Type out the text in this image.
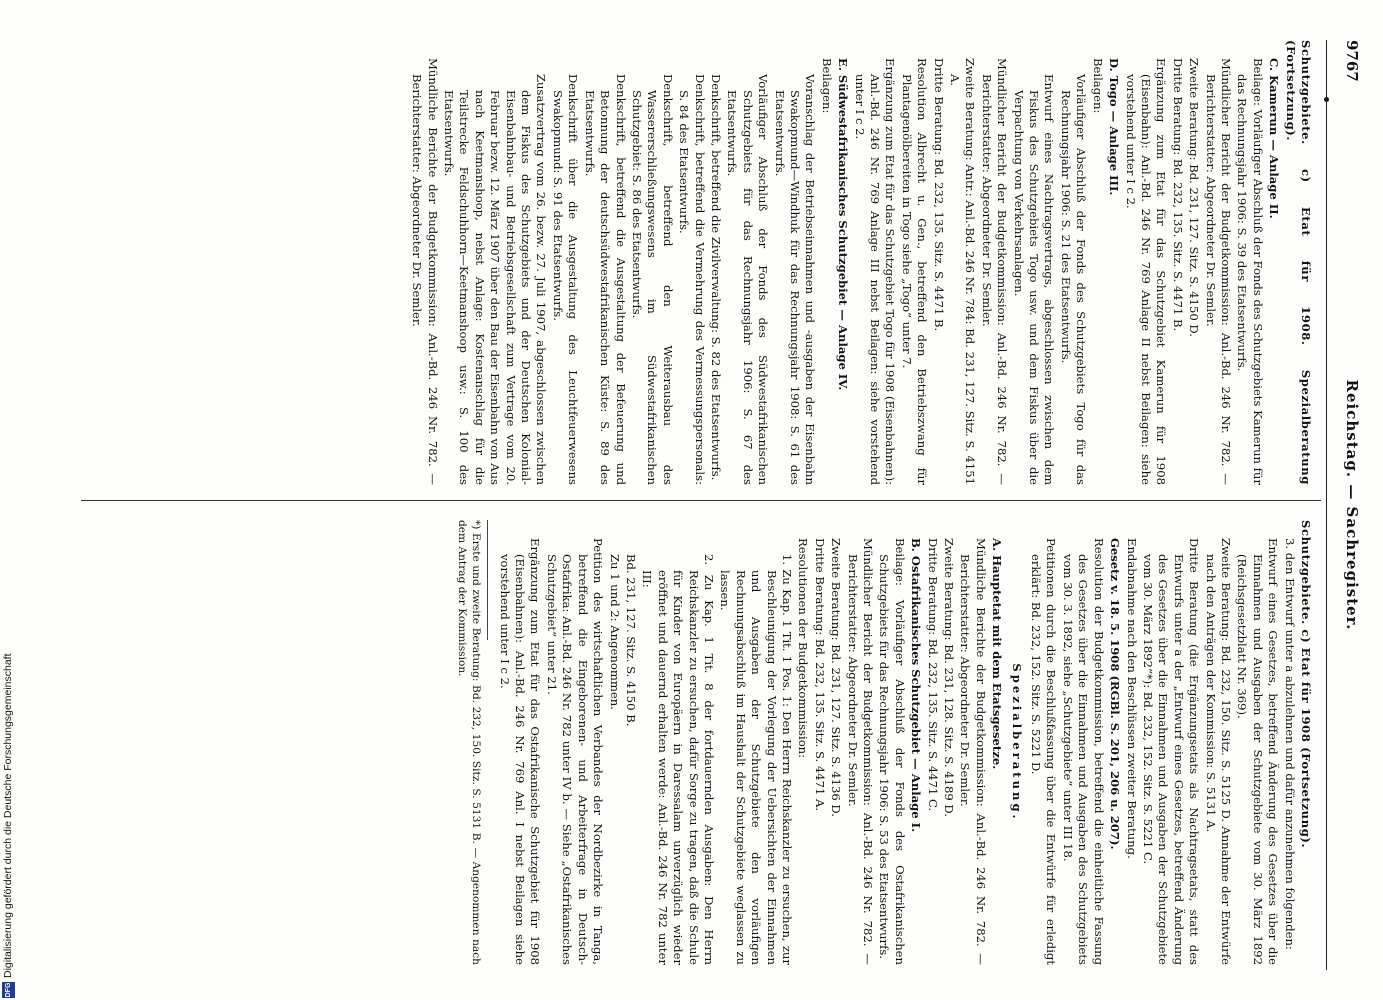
9767
Reichstag. — Sachregister.

Schutzgebiete. c) Etat für 1908. Spezialberatung (Fortsetzung).

C. Kamerun — Anlage II.

Beilage: Vorläufiger Abschluß der Fonds des Schutzgebiets Kamerun für das Rechnungsjahr 1906: S. 39 des Etatsentwurfs.

Mündlicher Bericht der Budgetkommission: Anl.-Bd. 246 Nr. 782. — Berichterstatter: Abgeordneter Dr. Semler.

Zweite Beratung: Bd. 231, 127. Sitz. S. 4150 D.

Dritte Beratung: Bd. 232, 135. Sitz. S. 4471 B.

Ergänzung zum Etat für das Schutzgebiet Kamerun für 1908 (Eisenbahn): Anl.-Bd. 246 Nr. 769 Anlage II nebst Beilagen: siehe vorstehend unter I c 2.

D. Togo — Anlage III.

Beilagen:

Vorläufiger Abschluß der Fonds des Schutzgebiets Togo für das Rechnungsjahr 1906: S. 21 des Etatsentwurfs.

Entwurf eines Nachtragsvertrags, abgeschlossen zwischen dem Fiskus des Schutzgebiets Togo usw. und dem Fiskus über die Verpachtung von Verkehrsanlagen.

Mündlicher Bericht der Budgetkommission: Anl.-Bd. 246 Nr. 782. — Berichterstatter: Abgeordneter Dr. Semler.

Zweite Beratung: Antr.: Anl.-Bd. 246 Nr. 784: Bd. 231, 127. Sitz. S. 4151 A.

Dritte Beratung: Bd. 232, 135. Sitz. S. 4471 B.

Resolution Albrecht u. Gen., betreffend den Betriebszwang für Plantagenölbereiten in Togo siehe „Togo“ unter 7.

Ergänzung zum Etat für das Schutzgebiet Togo für 1908 (Eisenbahnen): Anl.-Bd. 246 Nr. 769 Anlage III nebst Beilagen: siehe vorstehend unter I c 2.

E. Südwestafrikanisches Schutzgebiet — Anlage IV.

Beilagen:

Voranschlag der Betriebseinnahmen und -ausgaben der Eisenbahn Swakopmund—Windhuk für das Rechnungsjahr 1908: S. 61 des Etatsentwurfs.

Vorläufiger Abschluß der Fonds des Südwestafrikanischen Schutzgebiets für das Rechnungsjahr 1906: S. 67 des Etatsentwurfs.

Denkschrift, betreffend die Zivilverwaltung: S. 82 des Etatsentwurfs.

Denkschrift, betreffend die Vermehrung des Vermessungspersonals: S. 84 des Etatsentwurfs.

Denkschrift, betreffend den Weiterausbau des Wassererschließungswesens im Südwestafrikanischen Schutzgebiet: S. 86 des Etatsentwurfs.

Denkschrift, betreffend die Ausgestaltung der Befeuerung und Betonnung der deutschsüdwestafrikanischen Küste: S. 89 des Etatsentwurfs.

Denkschrift über die Ausgestaltung des Leuchtfeuerwesens Swakopmund: S. 91 des Etatsentwurfs.

Zusatzvertrag vom 26. bezw. 27. Juli 1907, abgeschlossen zwischen dem Fiskus des Schutzgebiets und der Deutschen Kolonial-Eisenbahnbau- und Betriebsgesellschaft zum Vertrage vom 20. Februar bezw. 12. März 1907 über den Bau der Eisenbahn von Aus nach Keetmanshoop, nebst Anlage: Kostenanschlag für die Teilstrecke Feldschuhhorn—Keetmanshoop usw.: S. 100 des Etatsentwurfs.

Mündliche Berichte der Budgetkommission: Anl.-Bd. 246 Nr. 782. — Berichterstatter: Abgeordneter Dr. Semler.

Schutzgebiete. c) Etat für 1908 (Fortsetzung).

3. den Entwurf unter a abzulehnen und dafür anzunehmen folgenden:

Entwurf eines Gesetzes, betreffend Änderung des Gesetzes über die Einnahmen und Ausgaben der Schutzgebiete vom 30. März 1892 (Reichsgesetzblatt Nr. 369).

Zweite Beratung: Bd. 232, 150. Sitz. S. 5125 D. Annahme der Entwürfe nach den Anträgen der Kommission: S. 5131 A.

Dritte Beratung (die Ergänzungsetats als Nachtragsetats, statt des Entwurfs unter a der „Entwurf eines Gesetzes, betreffend Änderung des Gesetzes über die Einnahmen und Ausgaben der Schutzgebiete vom 30. März 1892“*): Bd. 232, 152. Sitz. S. 5221 C.

Endabnahme nach den Beschlüssen zweiter Beratung.

Gesetz v. 18. 5. 1908 (RGBl. S. 201, 206 u. 207).

Resolution der Budgetkommission, betreffend die einheitliche Fassung des Gesetzes über die Einnahmen und Ausgaben des Schutzgebiets vom 30. 3. 1892, siehe „Schutzgebiete“ unter III 18.

Petitionen durch die Beschlußfassung über die Entwürfe für erledigt erklärt: Bd. 232, 152. Sitz. S. 5221 D.

Spezialberatung.

A. Hauptetat mit dem Etatsgesetze.

Mündliche Berichte der Budgetkommission: Anl.-Bd. 246 Nr. 782. — Berichterstatter: Abgeordneter Dr. Semler.

Zweite Beratung: Bd. 231, 128. Sitz. S. 4189 D.

Dritte Beratung: Bd. 232, 135. Sitz. S. 4471 C.

B. Ostafrikanisches Schutzgebiet — Anlage I.

Beilage: Vorläufiger Abschluß der Fonds des Ostafrikanischen Schutzgebiets für das Rechnungsjahr 1906: S. 53 des Etatsentwurfs.

Mündlicher Bericht der Budgetkommission: Anl.-Bd. 246 Nr. 782. — Berichterstatter: Abgeordneter Dr. Semler.

Zweite Beratung: Bd. 231, 127. Sitz. S. 4136 D.

Dritte Beratung: Bd. 232, 135. Sitz. S. 4471 A.

Resolutionen der Budgetkommission:

1. Zu Kap. 1 Tit. 1 Pos. 1: Den Herrn Reichskanzler zu ersuchen, zur Beschleunigung der Vorlegung der Uebersichten der Einnahmen und Ausgaben der Schutzgebiete den vorläufigen Rechnungsabschluß im Haushalt der Schutzgebiete weglassen zu lassen.

2. Zu Kap. 1 Tit. 8 der fortdauernden Ausgaben: Den Herrn Reichskanzler zu ersuchen, dafür Sorge zu tragen, daß die Schule für Kinder von Europäern in Daressalam unverzüglich wieder eröffnet und dauernd erhalten werde: Anl.-Bd. 246 Nr. 782 unter III:

Bd. 231, 127. Sitz. S. 4150 B.

Zu 1 und 2: Angenommen.

Petition des wirtschaftlichen Verbandes der Nordbezirke in Tanga, betreffend die Eingeborenen- und Arbeiterfrage in Deutsch-Ostafrika: Anl.-Bd. 246 Nr. 782 unter IV b. — Siehe „Ostafrikanisches Schutzgebiet“ unter 21.

Ergänzung zum Etat für das Ostafrikanische Schutzgebiet für 1908 (Eisenbahnen): Anl.-Bd. 246 Nr. 769 Anl. I nebst Beilagen siehe vorstehend unter I c 2.

*) Erste und zweite Beratung: Bd. 232, 150. Sitz. S. 5131 B. — Angenommen nach dem Antrag der Kommission.

DFG
Digitalisierung gefördert durch die Deutsche Forschungsgemeinschaft
